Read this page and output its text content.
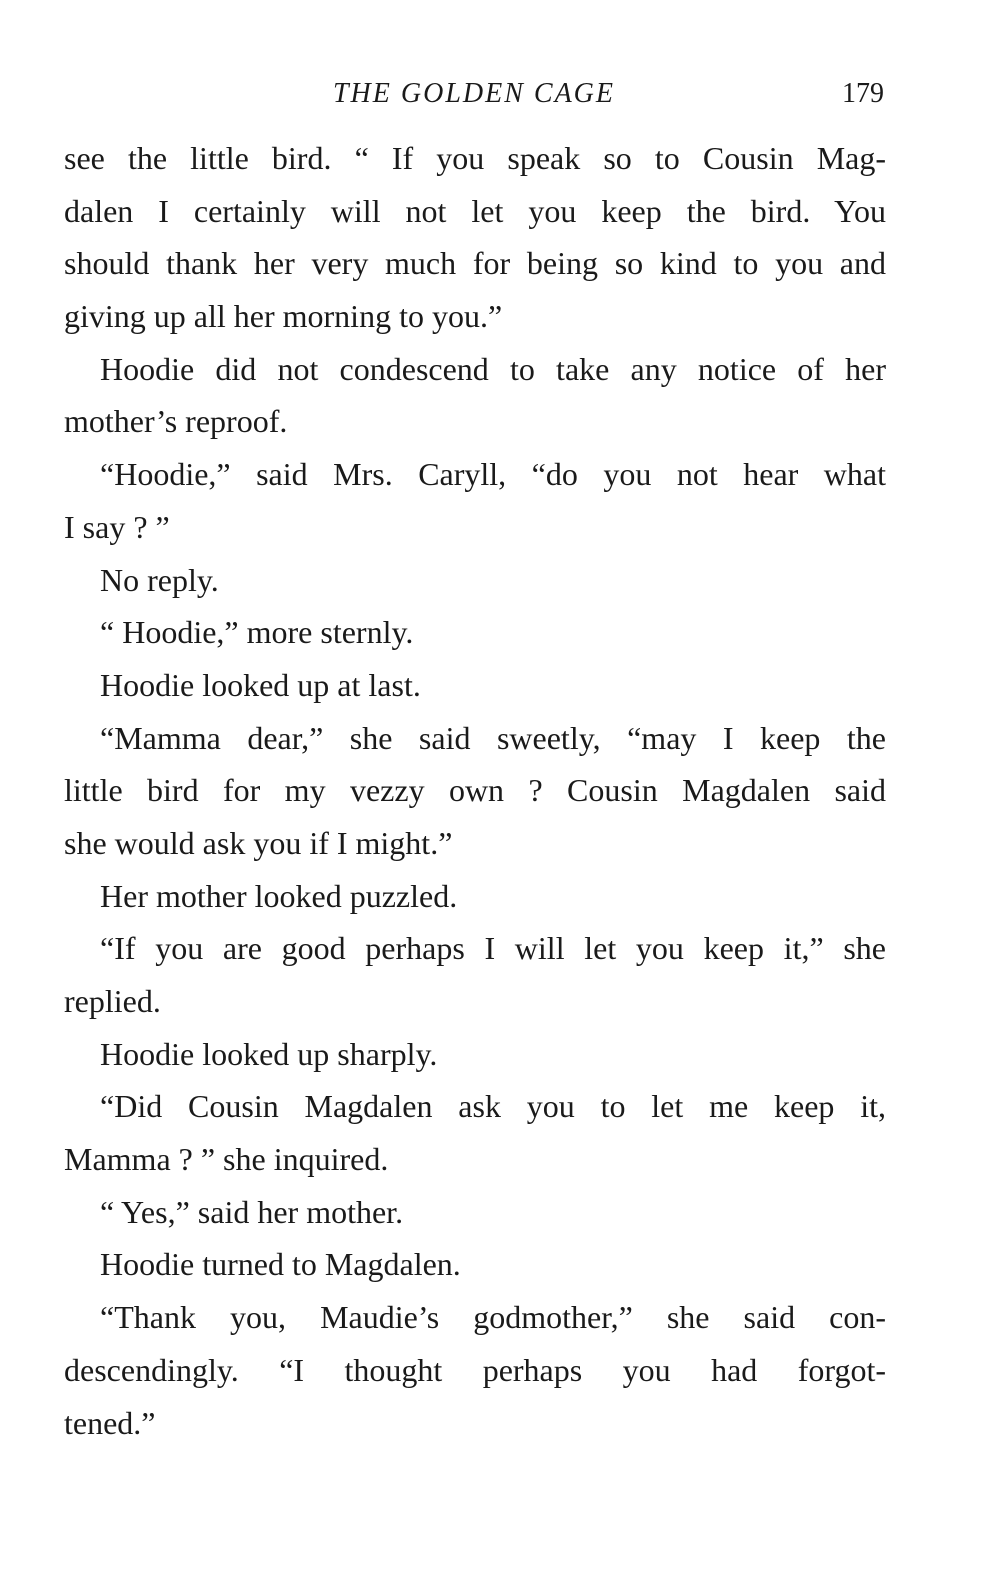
THE GOLDEN CAGE	179
see the little bird. “ If you speak so to Cousin Mag-
dalen I certainly will not let you keep the bird. You
should thank her very much for being so kind to you and
giving up all her morning to you.”
Hoodie did not condescend to take any notice of her
mother’s reproof.
“Hoodie,” said Mrs. Caryll, “do you not hear what
I say ? ”
No reply.
“ Hoodie,” more sternly.
Hoodie looked up at last.
“Mamma dear,” she said sweetly, “may I keep the
little bird for my vezzy own ? Cousin Magdalen said
she would ask you if I might.”
Her mother looked puzzled.
“If you are good perhaps I will let you keep it,” she
replied.
Hoodie looked up sharply.
“Did Cousin Magdalen ask you to let me keep it,
Mamma ? ” she inquired.
“ Yes,” said her mother.
Hoodie turned to Magdalen.
“Thank you, Maudie’s godmother,” she said con-
descendingly. “I thought perhaps you had forgot-
tened.”
